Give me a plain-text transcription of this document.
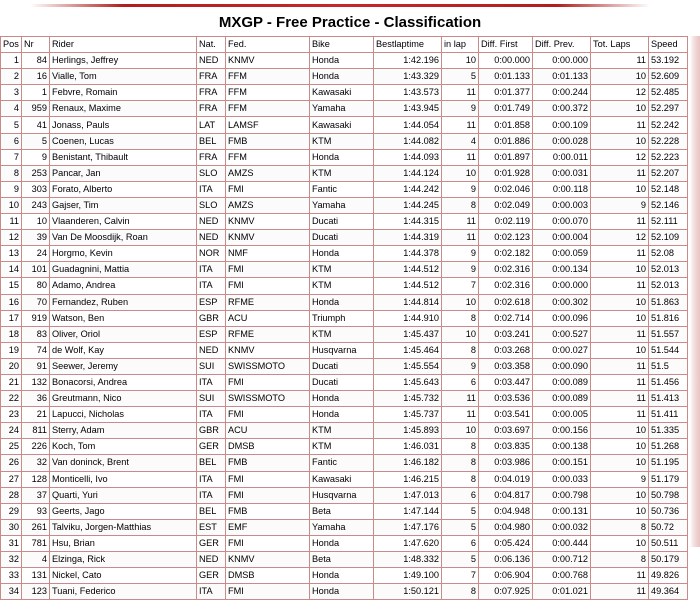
MXGP - Free Practice - Classification
Pos	Nr	Rider	Nat.	Fed.	Bike	Bestlaptime	in lap	Diff. First	Diff. Prev.	Tot. Laps	Speed
1	84	Herlings, Jeffrey	NED	KNMV	Honda	1:42.196	10	0:00.000	0:00.000	11	53.192
2	16	Vialle, Tom	FRA	FFM	Honda	1:43.329	5	0:01.133	0:01.133	10	52.609
3	1	Febvre, Romain	FRA	FFM	Kawasaki	1:43.573	11	0:01.377	0:00.244	12	52.485
4	959	Renaux, Maxime	FRA	FFM	Yamaha	1:43.945	9	0:01.749	0:00.372	10	52.297
5	41	Jonass, Pauls	LAT	LAMSF	Kawasaki	1:44.054	11	0:01.858	0:00.109	11	52.242
6	5	Coenen, Lucas	BEL	FMB	KTM	1:44.082	4	0:01.886	0:00.028	10	52.228
7	9	Benistant, Thibault	FRA	FFM	Honda	1:44.093	11	0:01.897	0:00.011	12	52.223
8	253	Pancar, Jan	SLO	AMZS	KTM	1:44.124	10	0:01.928	0:00.031	11	52.207
9	303	Forato, Alberto	ITA	FMI	Fantic	1:44.242	9	0:02.046	0:00.118	10	52.148
10	243	Gajser, Tim	SLO	AMZS	Yamaha	1:44.245	8	0:02.049	0:00.003	9	52.146
11	10	Vlaanderen, Calvin	NED	KNMV	Ducati	1:44.315	11	0:02.119	0:00.070	11	52.111
12	39	Van De Moosdijk, Roan	NED	KNMV	Ducati	1:44.319	11	0:02.123	0:00.004	12	52.109
13	24	Horgmo, Kevin	NOR	NMF	Honda	1:44.378	9	0:02.182	0:00.059	11	52.08
14	101	Guadagnini, Mattia	ITA	FMI	KTM	1:44.512	9	0:02.316	0:00.134	10	52.013
15	80	Adamo, Andrea	ITA	FMI	KTM	1:44.512	7	0:02.316	0:00.000	11	52.013
16	70	Fernandez, Ruben	ESP	RFME	Honda	1:44.814	10	0:02.618	0:00.302	10	51.863
17	919	Watson, Ben	GBR	ACU	Triumph	1:44.910	8	0:02.714	0:00.096	10	51.816
18	83	Oliver, Oriol	ESP	RFME	KTM	1:45.437	10	0:03.241	0:00.527	11	51.557
19	74	de Wolf, Kay	NED	KNMV	Husqvarna	1:45.464	8	0:03.268	0:00.027	10	51.544
20	91	Seewer, Jeremy	SUI	SWISSMOTO	Ducati	1:45.554	9	0:03.358	0:00.090	11	51.5
21	132	Bonacorsi, Andrea	ITA	FMI	Ducati	1:45.643	6	0:03.447	0:00.089	11	51.456
22	36	Greutmann, Nico	SUI	SWISSMOTO	Honda	1:45.732	11	0:03.536	0:00.089	11	51.413
23	21	Lapucci, Nicholas	ITA	FMI	Honda	1:45.737	11	0:03.541	0:00.005	11	51.411
24	811	Sterry, Adam	GBR	ACU	KTM	1:45.893	10	0:03.697	0:00.156	10	51.335
25	226	Koch, Tom	GER	DMSB	KTM	1:46.031	8	0:03.835	0:00.138	10	51.268
26	32	Van doninck, Brent	BEL	FMB	Fantic	1:46.182	8	0:03.986	0:00.151	10	51.195
27	128	Monticelli, Ivo	ITA	FMI	Kawasaki	1:46.215	8	0:04.019	0:00.033	9	51.179
28	37	Quarti, Yuri	ITA	FMI	Husqvarna	1:47.013	6	0:04.817	0:00.798	10	50.798
29	93	Geerts, Jago	BEL	FMB	Beta	1:47.144	5	0:04.948	0:00.131	10	50.736
30	261	Talviku, Jorgen-Matthias	EST	EMF	Yamaha	1:47.176	5	0:04.980	0:00.032	8	50.72
31	781	Hsu, Brian	GER	FMI	Honda	1:47.620	6	0:05.424	0:00.444	10	50.511
32	4	Elzinga, Rick	NED	KNMV	Beta	1:48.332	5	0:06.136	0:00.712	8	50.179
33	131	Nickel, Cato	GER	DMSB	Honda	1:49.100	7	0:06.904	0:00.768	11	49.826
34	123	Tuani, Federico	ITA	FMI	Honda	1:50.121	8	0:07.925	0:01.021	11	49.364
